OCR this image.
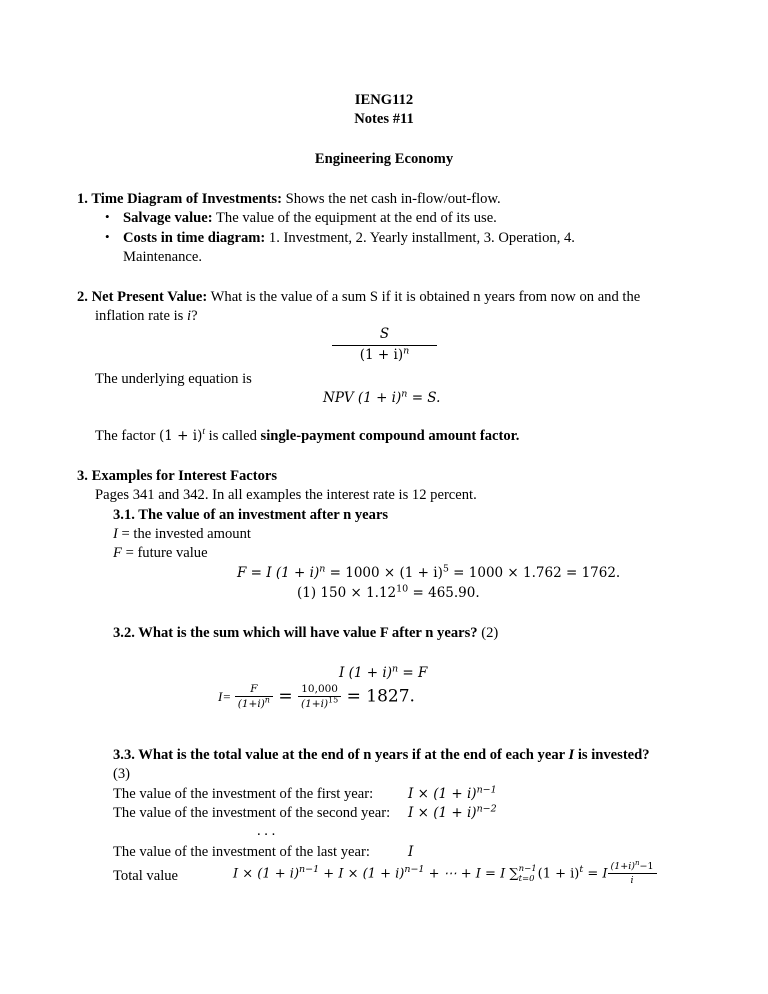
IENG112
Notes #11
Engineering Economy
1. Time Diagram of Investments: Shows the net cash in-flow/out-flow.
• Salvage value: The value of the equipment at the end of its use.
• Costs in time diagram: 1. Investment, 2. Yearly installment, 3. Operation, 4.
Maintenance.
2. Net Present Value: What is the value of a sum S if it is obtained n years from now on and the
inflation rate is i?
S
$(1 + i)^n$
The underlying equation is
NPV $(1 + i)^n = S$.
The factor $(1 + i)^t$ is called single-payment compound amount factor.
3. Examples for Interest Factors
Pages 341 and 342. In all examples the interest rate is 12 percent.
3.1. The value of an investment after n years
I = the invested amount
F = future value
F = I $(1 + i)^n = 1000 \times (1 + i)^5 = 1000 \times 1.762 = 1762$.
(1) $150 \times 1.12^{10} = 465.90$.
3.2. What is the sum which will have value F after n years? (2)
I $(1 + i)^n = F$
$I= \frac{F}{(1+i)^n} = \frac{10,000}{(1+i)^{15}} = 1827$.
3.3. What is the total value at the end of n years if at the end of each year I is invested?
(3)
The value of the investment of the first year:	$I \times (1 + i)^{n-1}$
The value of the investment of the second year: $I \times (1 + i)^{n-2}$
. . .
The value of the investment of the last year:	I
Total value	$I \times (1 + i)^{n-1} + I \times (1 + i)^{n-1}$ + ⋯ + I = I ∑ n−1
t=0 $(1 + i)^t = I \frac{(1+i)^n-1}{i}$
